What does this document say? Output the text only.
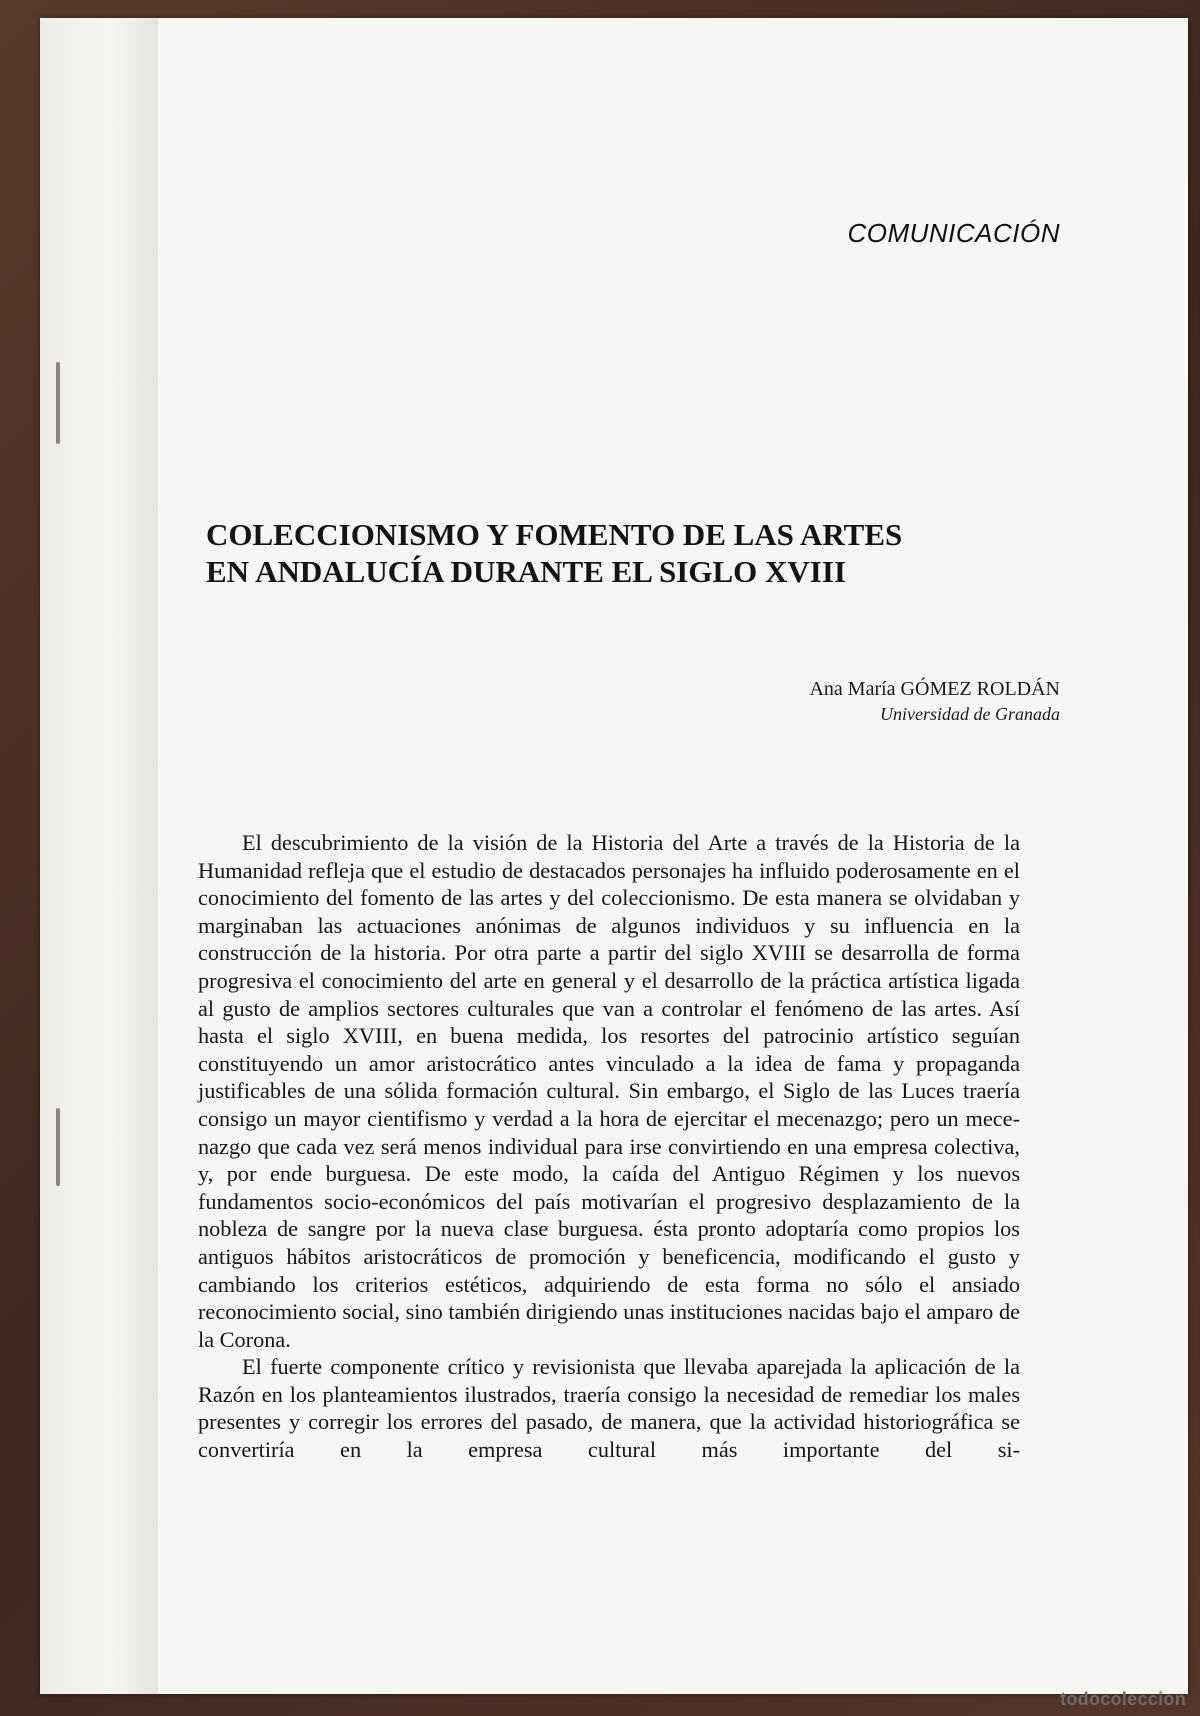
COMUNICACIÓN
COLECCIONISMO Y FOMENTO DE LAS ARTES
EN ANDALUCÍA DURANTE EL SIGLO XVIII
Ana María GÓMEZ ROLDÁN
Universidad de Granada

El descubrimiento de la visión de la Historia del Arte a través de la Historia de la Humanidad refleja que el estudio de destacados personajes ha influido poderosamente en el conocimiento del fomento de las artes y del coleccionismo. De esta manera se olvidaban y marginaban las actuaciones anónimas de algunos individuos y su influencia en la construcción de la historia. Por otra parte a partir del siglo XVIII se desarrolla de forma progresiva el conocimiento del arte en general y el desarrollo de la práctica artística ligada al gusto de amplios sectores culturales que van a controlar el fenómeno de las artes. Así hasta el siglo XVIII, en buena medida, los resortes del patrocinio artístico seguían constituyendo un amor aristocrático antes vinculado a la idea de fama y propaganda justificables de una sólida formación cultural. Sin embargo, el Siglo de las Luces traería consigo un mayor cientifismo y verdad a la hora de ejercitar el mecenazgo; pero un mecenazgo que cada vez será menos individual para irse convirtiendo en una empresa colectiva, y, por ende burguesa. De este modo, la caída del Antiguo Régimen y los nuevos fundamentos socio-económicos del país motivarían el progresivo desplazamiento de la nobleza de sangre por la nueva clase burguesa. ésta pronto adoptaría como propios los antiguos hábitos aristocráticos de promoción y beneficencia, modificando el gusto y cambiando los criterios estéticos, adquiriendo de esta forma no sólo el ansiado reconocimiento social, sino también dirigiendo unas instituciones nacidas bajo el amparo de la Corona.

El fuerte componente crítico y revisionista que llevaba aparejada la aplicación de la Razón en los planteamientos ilustrados, traería consigo la necesidad de remediar los males presentes y corregir los errores del pasado, de manera, que la actividad historiográfica se convertiría en la empresa cultural más importante del si-

todocoleccion
